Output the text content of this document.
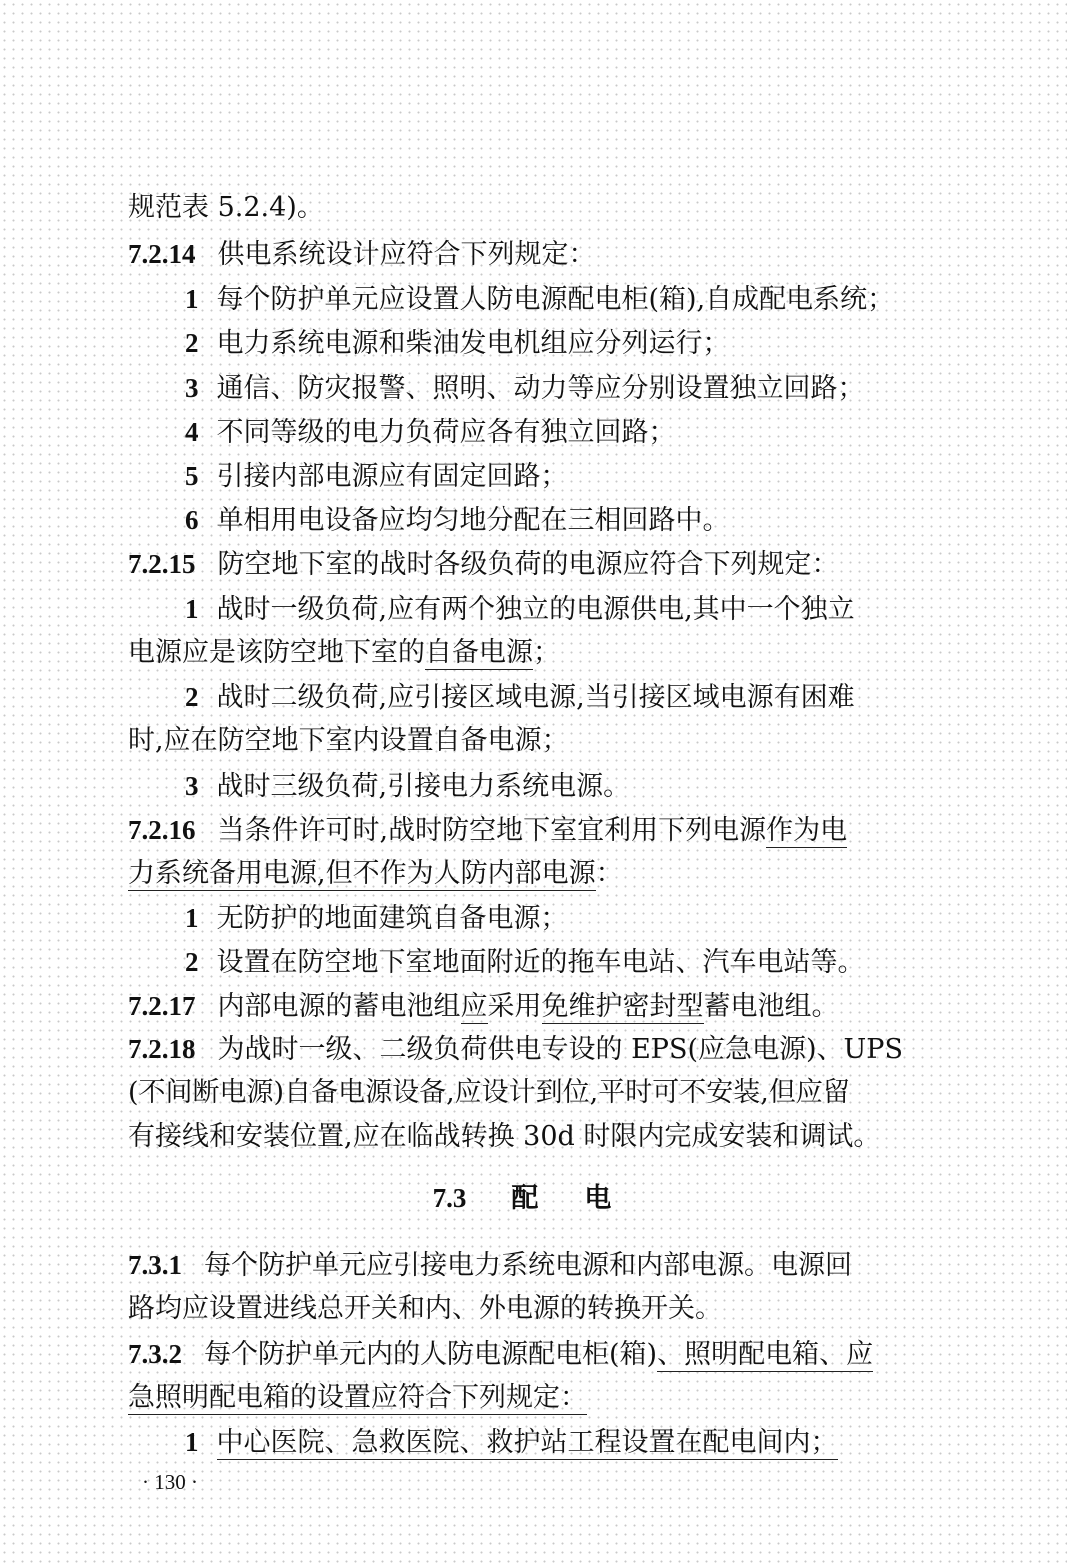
规范表 5.2.4)。
7.2.14 供电系统设计应符合下列规定：
1 每个防护单元应设置人防电源配电柜(箱),自成配电系统；
2 电力系统电源和柴油发电机组应分列运行；
3 通信、防灾报警、照明、动力等应分别设置独立回路；
4 不同等级的电力负荷应各有独立回路；
5 引接内部电源应有固定回路；
6 单相用电设备应均匀地分配在三相回路中。
7.2.15 防空地下室的战时各级负荷的电源应符合下列规定：
1 战时一级负荷,应有两个独立的电源供电,其中一个独立
电源应是该防空地下室的自备电源；
2 战时二级负荷,应引接区域电源,当引接区域电源有困难
时,应在防空地下室内设置自备电源；
3 战时三级负荷,引接电力系统电源。
7.2.16 当条件许可时,战时防空地下室宜利用下列电源作为电
力系统备用电源,但不作为人防内部电源：
1 无防护的地面建筑自备电源；
2 设置在防空地下室地面附近的拖车电站、汽车电站等。
7.2.17 内部电源的蓄电池组应采用免维护密封型蓄电池组。
7.2.18 为战时一级、二级负荷供电专设的 EPS(应急电源)、UPS
(不间断电源)自备电源设备,应设计到位,平时可不安装,但应留
有接线和安装位置,应在临战转换 30d 时限内完成安装和调试。
7.3 配 电
7.3.1 每个防护单元应引接电力系统电源和内部电源。电源回
路均应设置进线总开关和内、外电源的转换开关。
7.3.2 每个防护单元内的人防电源配电柜(箱)、照明配电箱、应
急照明配电箱的设置应符合下列规定：
1 中心医院、急救医院、救护站工程设置在配电间内；
· 130 ·
